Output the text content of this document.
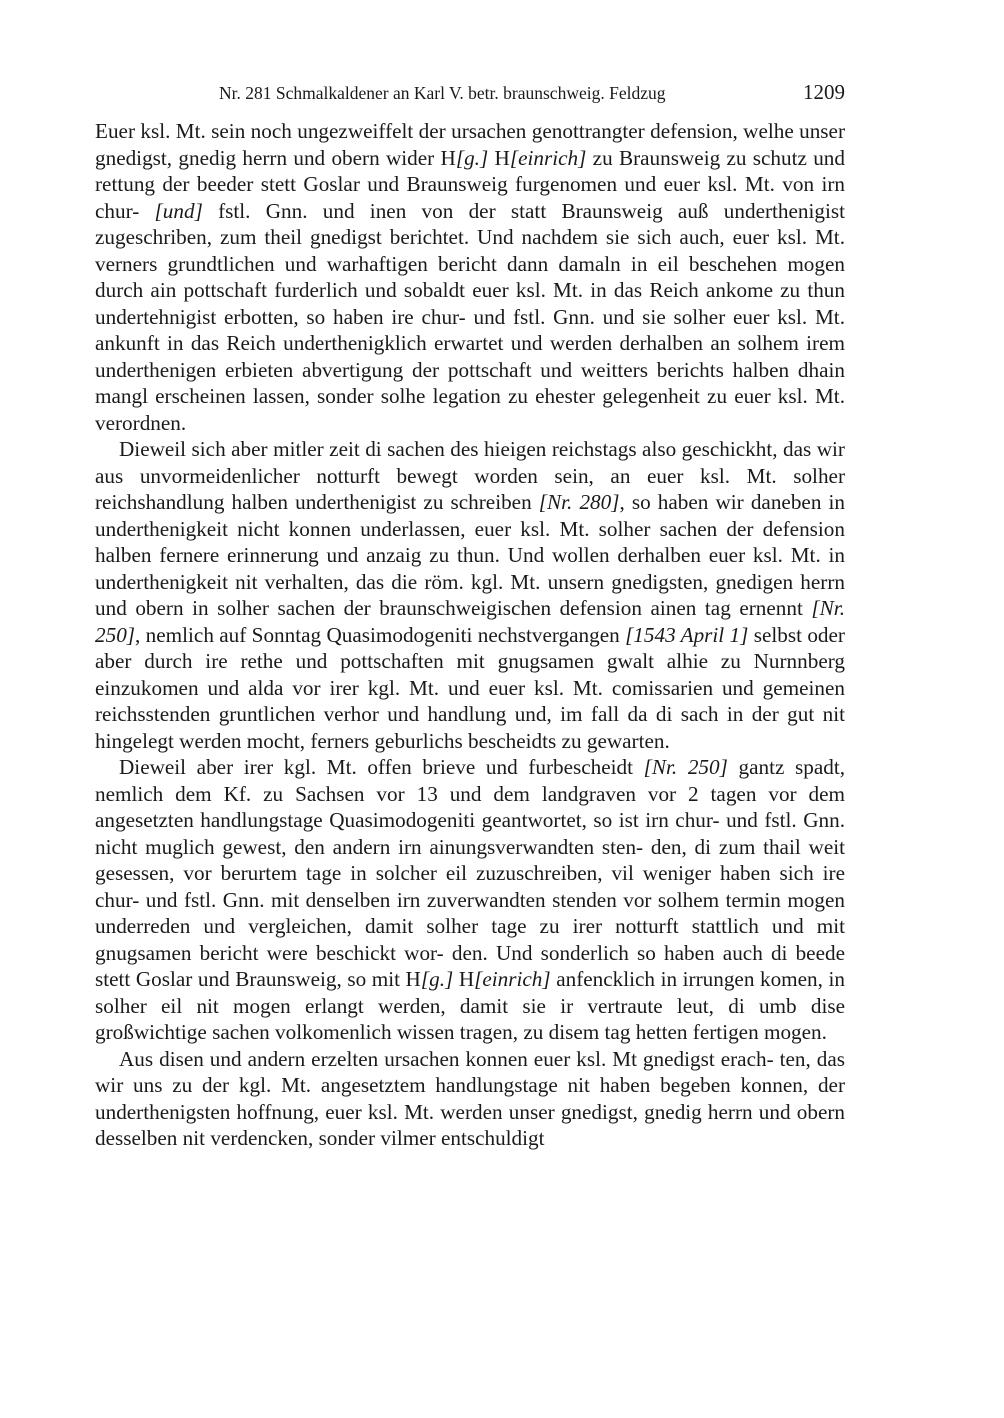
Nr. 281 Schmalkaldener an Karl V. betr. braunschweig. Feldzug	1209

Euer ksl. Mt. sein noch ungezweiffelt der ursachen genottrangter defension, welhe unser gnedigst, gnedig herrn und obern wider H[g.] H[einrich] zu Braunsweig zu schutz und rettung der beeder stett Goslar und Braunsweig furgenomen und euer ksl. Mt. von irn chur- [und] fstl. Gnn. und inen von der statt Braunsweig auß underthenigist zugeschriben, zum theil gnedigst berichtet. Und nachdem sie sich auch, euer ksl. Mt. verners grundtlichen und warhaftigen bericht dann damaln in eil beschehen mogen durch ain pottschaft furderlich und sobaldt euer ksl. Mt. in das Reich ankome zu thun undertehnigist erbotten, so haben ire chur- und fstl. Gnn. und sie solher euer ksl. Mt. ankunft in das Reich underthenigklich erwartet und werden derhalben an solhem irem underthenigen erbieten abvertigung der pottschaft und weitters berichts halben dhain mangl erscheinen lassen, sonder solhe legation zu ehester gelegenheit zu euer ksl. Mt. verordnen.

Dieweil sich aber mitler zeit di sachen des hieigen reichstags also geschickht, das wir aus unvormeidenlicher notturft bewegt worden sein, an euer ksl. Mt. solher reichshandlung halben underthenigist zu schreiben [Nr. 280], so haben wir daneben in underthenigkeit nicht konnen underlassen, euer ksl. Mt. solher sachen der defension halben fernere erinnerung und anzaig zu thun. Und wollen derhalben euer ksl. Mt. in underthenigkeit nit verhalten, das die röm. kgl. Mt. unsern gnedigsten, gnedigen herrn und obern in solher sachen der braunschweigischen defension ainen tag ernennt [Nr. 250], nemlich auf Sonntag Quasimodogeniti nechstvergangen [1543 April 1] selbst oder aber durch ire rethe und pottschaften mit gnugsamen gwalt alhie zu Nurnnberg einzukomen und alda vor irer kgl. Mt. und euer ksl. Mt. comissarien und gemeinen reichsstenden gruntlichen verhor und handlung und, im fall da di sach in der gut nit hingelegt werden mocht, ferners geburlichs bescheidts zu gewarten.

Dieweil aber irer kgl. Mt. offen brieve und furbescheidt [Nr. 250] gantz spadt, nemlich dem Kf. zu Sachsen vor 13 und dem landgraven vor 2 tagen vor dem angesetzten handlungstage Quasimodogeniti geantwortet, so ist irn chur- und fstl. Gnn. nicht muglich gewest, den andern irn ainungsverwandten sten- den, di zum thail weit gesessen, vor berurtem tage in solcher eil zuzuschreiben, vil weniger haben sich ire chur- und fstl. Gnn. mit denselben irn zuverwandten stenden vor solhem termin mogen underreden und vergleichen, damit solher tage zu irer notturft stattlich und mit gnugsamen bericht were beschickt wor- den. Und sonderlich so haben auch di beede stett Goslar und Braunsweig, so mit H[g.] H[einrich] anfencklich in irrungen komen, in solher eil nit mogen erlangt werden, damit sie ir vertraute leut, di umb dise großwichtige sachen volkomenlich wissen tragen, zu disem tag hetten fertigen mogen.

Aus disen und andern erzelten ursachen konnen euer ksl. Mt gnedigst erach- ten, das wir uns zu der kgl. Mt. angesetztem handlungstage nit haben begeben konnen, der underthenigsten hoffnung, euer ksl. Mt. werden unser gnedigst, gnedig herrn und obern desselben nit verdencken, sonder vilmer entschuldigt
